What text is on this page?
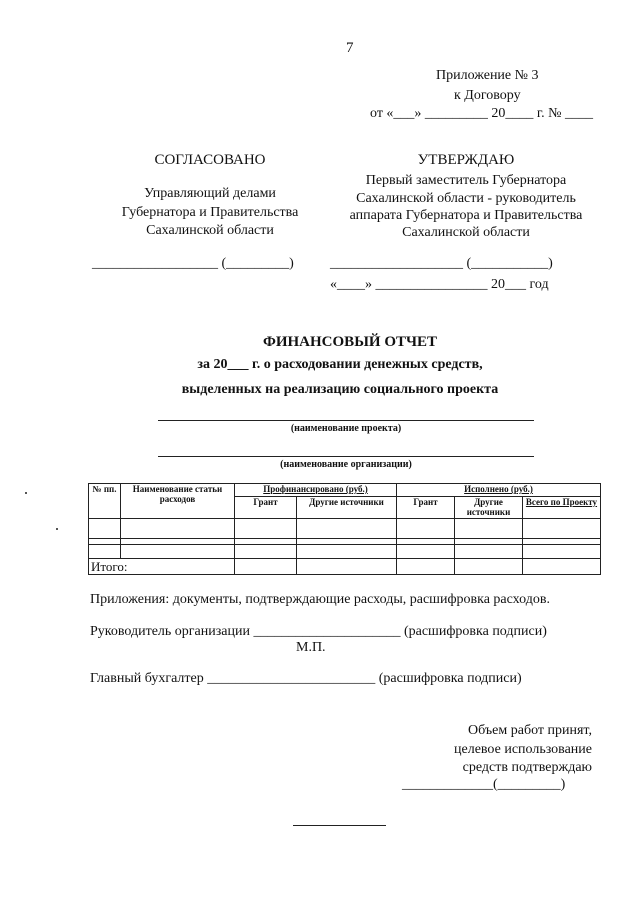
7
Приложение № 3
к Договору
от «___» _________ 20____ г. № ____
СОГЛАСОВАНО
Управляющий делами
Губернатора и Правительства
Сахалинской области
__________________ (_________)
УТВЕРЖДАЮ
Первый заместитель Губернатора
Сахалинской области - руководитель
аппарата Губернатора и Правительства
Сахалинской области
___________________ (___________)
«____» ________________ 20___ год
ФИНАНСОВЫЙ ОТЧЕТ
за 20___ г. о расходовании денежных средств,
выделенных на реализацию социального проекта
(наименование проекта)
(наименование организации)
№ пп.	Наименование статьи расходов	Профинансировано (руб.)		Исполнено (руб.)		
		Грант	Другие источники	Грант	Другие источники	Всего по Проекту

Итого:						
Приложения: документы, подтверждающие расходы, расшифровка расходов.
Руководитель организации _____________________ (расшифровка подписи)
М.П.
Главный бухгалтер ________________________ (расшифровка подписи)
Объем работ принят,
целевое использование
средств подтверждаю
_____________(_________)
